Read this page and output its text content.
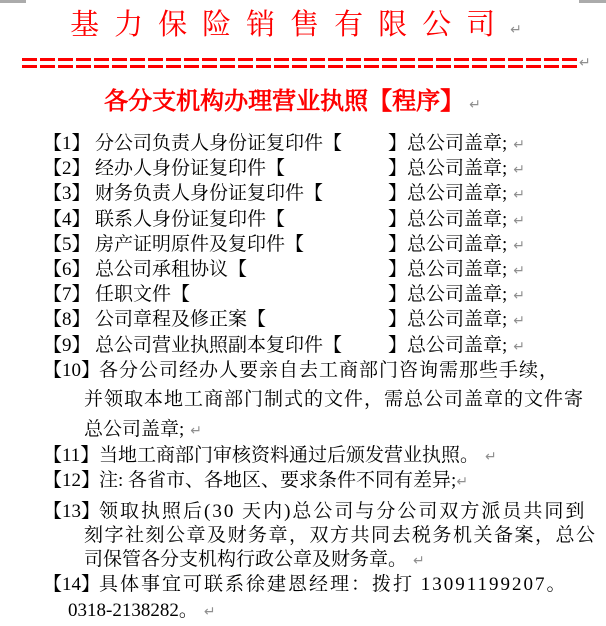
基力保险销售有限公司↵
↵
各分支机构办理营业执照【程序】 ↵
【1】 分公司负责人身份证复印件【 】总公司盖章; ↵
【2】 经办人身份证复印件【	】总公司盖章; ↵
【3】 财务负责人身份证复印件【	】总公司盖章; ↵
【4】 联系人身份证复印件【	】总公司盖章; ↵
【5】 房产证明原件及复印件【	】总公司盖章; ↵
【6】 总公司承租协议【	】总公司盖章; ↵
【7】 任职文件【	】总公司盖章; ↵
【8】 公司章程及修正案【	】总公司盖章; ↵
【9】 总公司营业执照副本复印件【 】总公司盖章; ↵
【10】各分公司经办人要亲自去工商部门咨询需那些手续，
并领取本地工商部门制式的文件，需总公司盖章的文件寄
总公司盖章; ↵
【11】当地工商部门审核资料通过后颁发营业执照。 ↵
【12】注: 各省市、各地区、要求条件不同有差异;↵
【13】领取执照后(30 天内)总公司与分公司双方派员共同到
刻字社刻公章及财务章，双方共同去税务机关备案，总公
司保管各分支机构行政公章及财务章。 ↵
【14】具体事宜可联系徐建恩经理：拨打 13091199207。
0318-2138282。 ↵
